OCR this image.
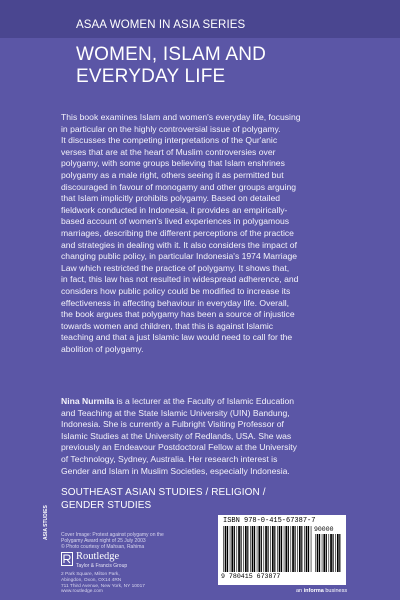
ASAA WOMEN IN ASIA SERIES
WOMEN, ISLAM AND
EVERYDAY LIFE
This book examines Islam and women's everyday life, focusing
in particular on the highly controversial issue of polygamy.
It discusses the competing interpretations of the Qur'anic
verses that are at the heart of Muslim controversies over
polygamy, with some groups believing that Islam enshrines
polygamy as a male right, others seeing it as permitted but
discouraged in favour of monogamy and other groups arguing
that Islam implicitly prohibits polygamy. Based on detailed
fieldwork conducted in Indonesia, it provides an empirically-
based account of women's lived experiences in polygamous
marriages, describing the different perceptions of the practice
and strategies in dealing with it. It also considers the impact of
changing public policy, in particular Indonesia's 1974 Marriage
Law which restricted the practice of polygamy. It shows that,
in fact, this law has not resulted in widespread adherence, and
considers how public policy could be modified to increase its
effectiveness in affecting behaviour in everyday life. Overall,
the book argues that polygamy has been a source of injustice
towards women and children, that this is against Islamic
teaching and that a just Islamic law would need to call for the
abolition of polygamy.
Nina Nurmila is a lecturer at the Faculty of Islamic Education
and Teaching at the State Islamic University (UIN) Bandung,
Indonesia. She is currently a Fulbright Visiting Professor of
Islamic Studies at the University of Redlands, USA. She was
previously an Endeavour Postdoctoral Fellow at the University
of Technology, Sydney, Australia. Her research interest is
Gender and Islam in Muslim Societies, especially Indonesia.
SOUTHEAST ASIAN STUDIES / RELIGION /
GENDER STUDIES
Cover Image: Protest against polygamy on the
Polygamy Award night of 25 July 2003
© Photo courtesy of Mahsan, Rahima
ASIA STUDIES
Routledge
Taylor & Francis Group
2 Park Square, Milton Park,
Abingdon, Oxon, OX14 4RN
711 Third Avenue, New York, NY 10017
www.routledge.com
ISBN 978-0-415-67387-7
90000
9 780415 673877
an informa business
